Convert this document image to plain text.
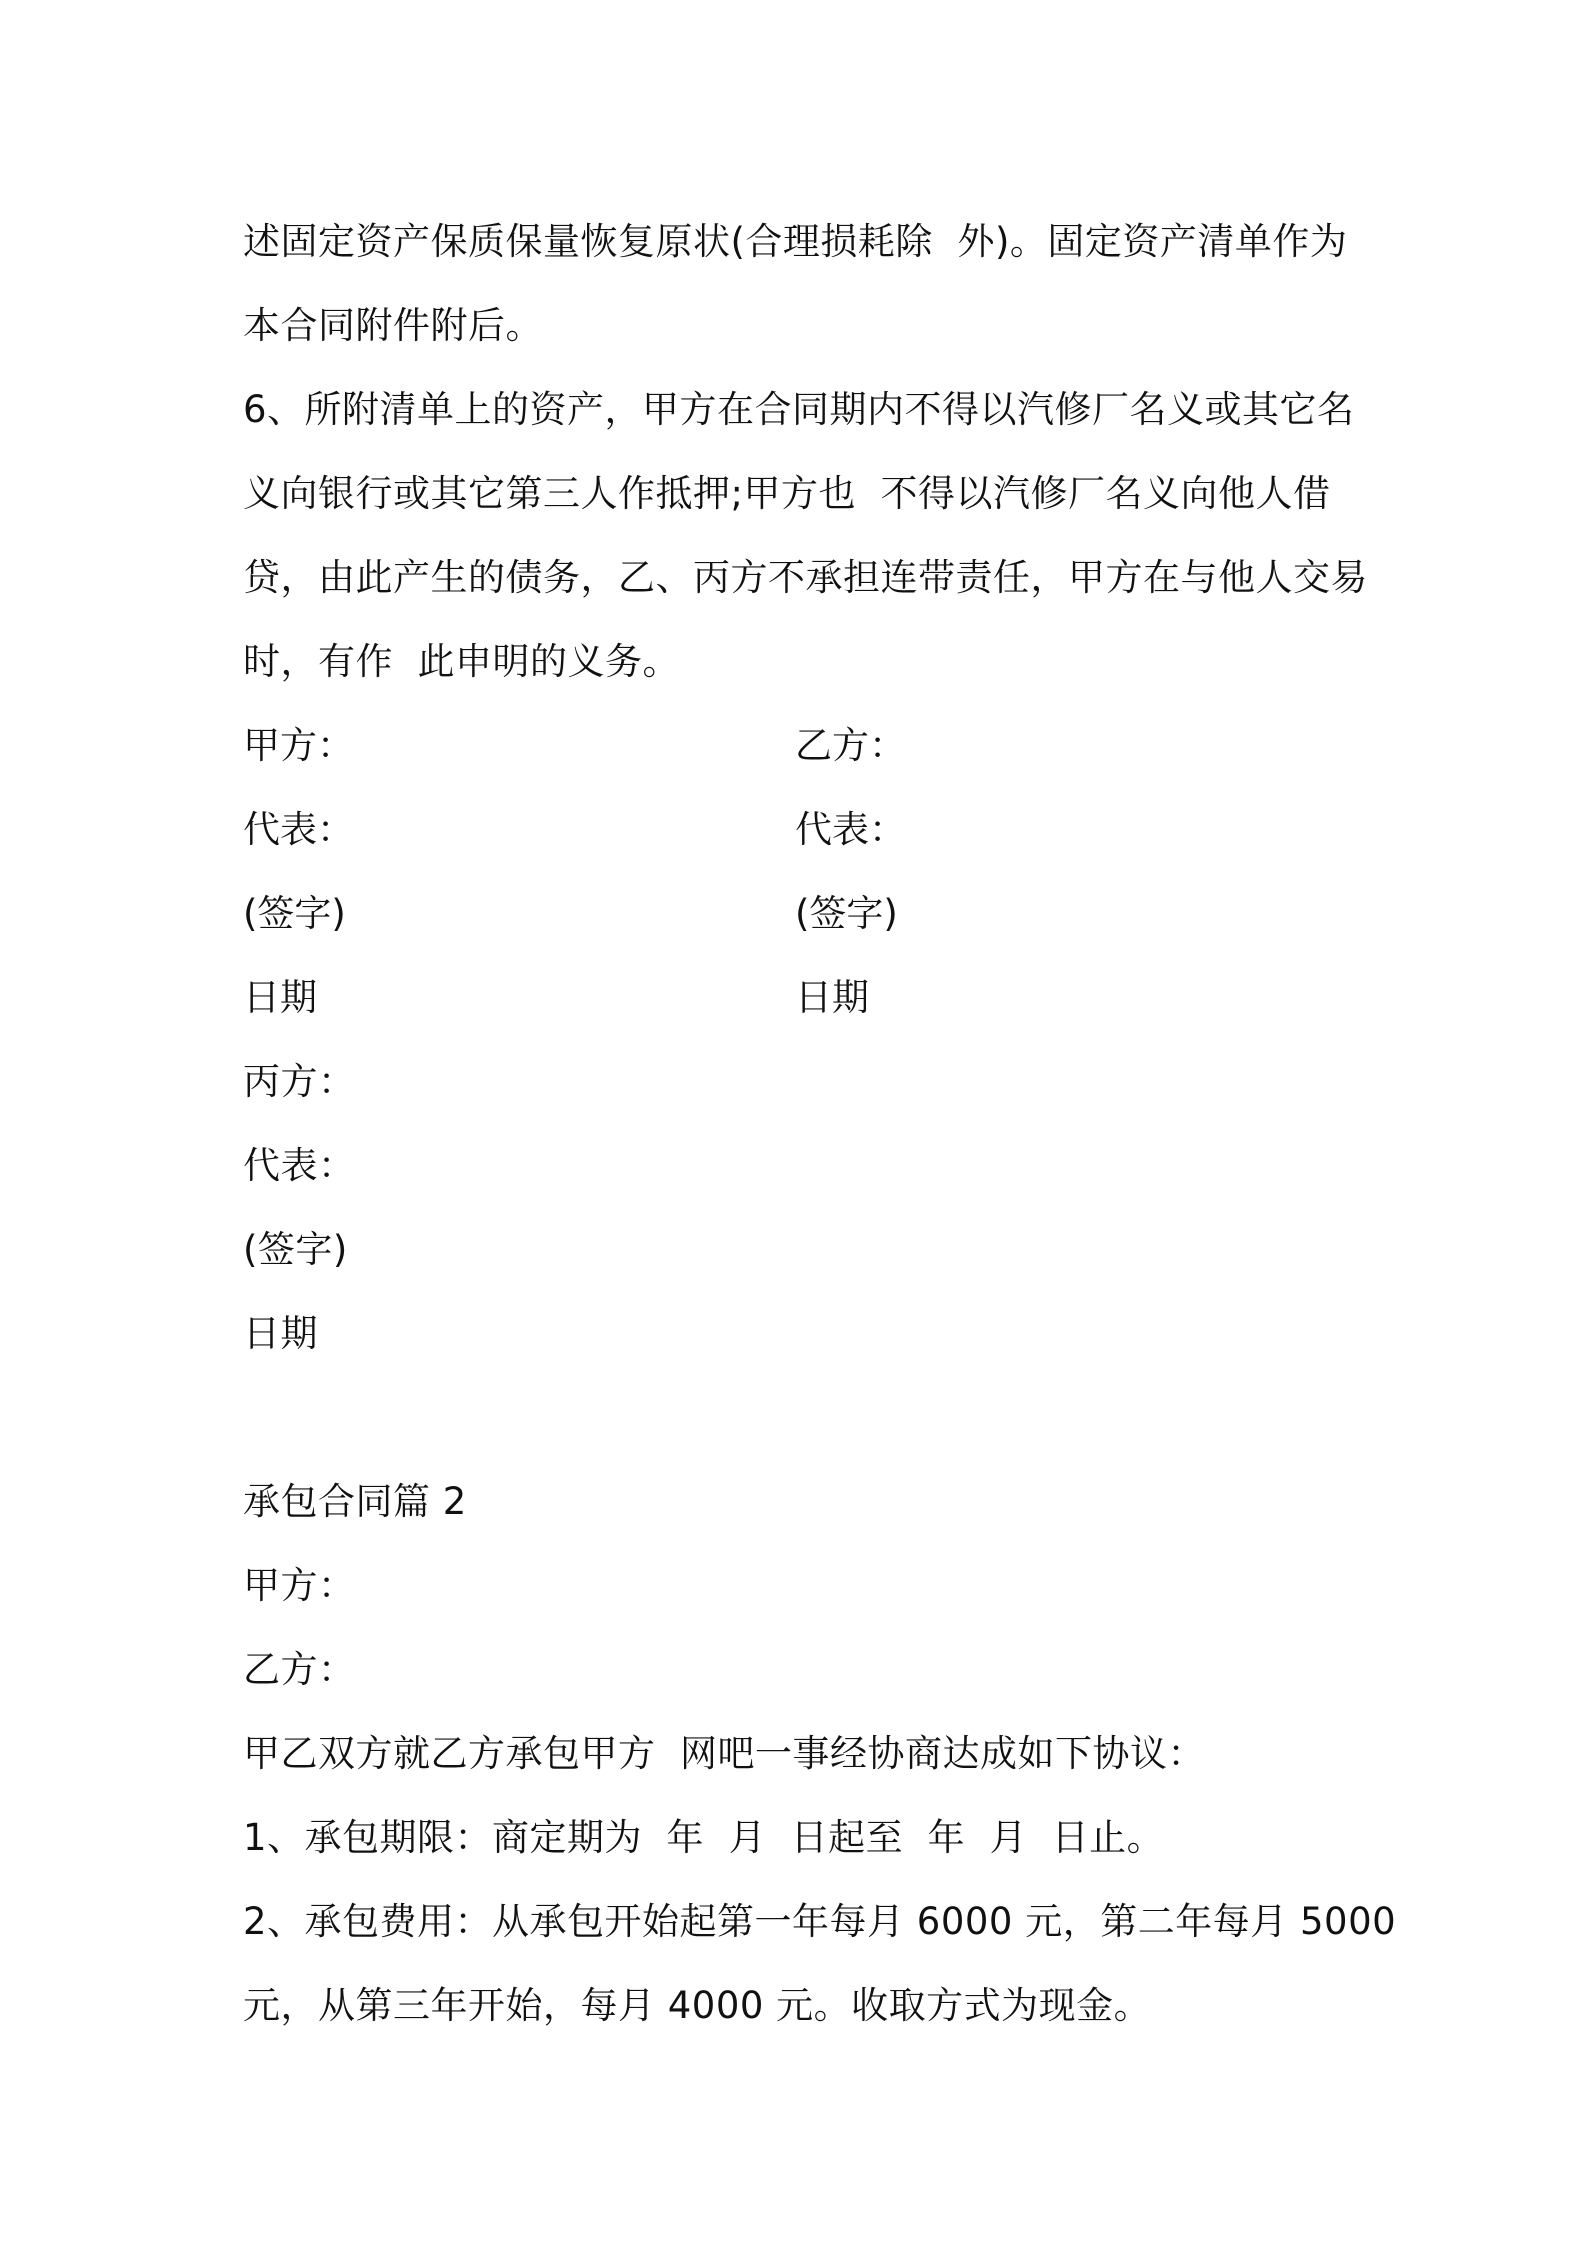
述固定资产保质保量恢复原状(合理损耗除  外)。固定资产清单作为
本合同附件附后。
6、所附清单上的资产，甲方在合同期内不得以汽修厂名义或其它名
义向银行或其它第三人作抵押;甲方也  不得以汽修厂名义向他人借
贷，由此产生的债务，乙、丙方不承担连带责任，甲方在与他人交易
时，有作  此申明的义务。
甲方：	乙方：
代表：	代表：
(签字)	(签字)
日期	日期
丙方：
代表：
(签字)
日期
承包合同篇 2
甲方：
乙方：
甲乙双方就乙方承包甲方  网吧一事经协商达成如下协议：
1、承包期限：商定期为  年  月  日起至  年  月  日止。
2、承包费用：从承包开始起第一年每月 6000 元，第二年每月 5000
元，从第三年开始，每月 4000 元。收取方式为现金。
